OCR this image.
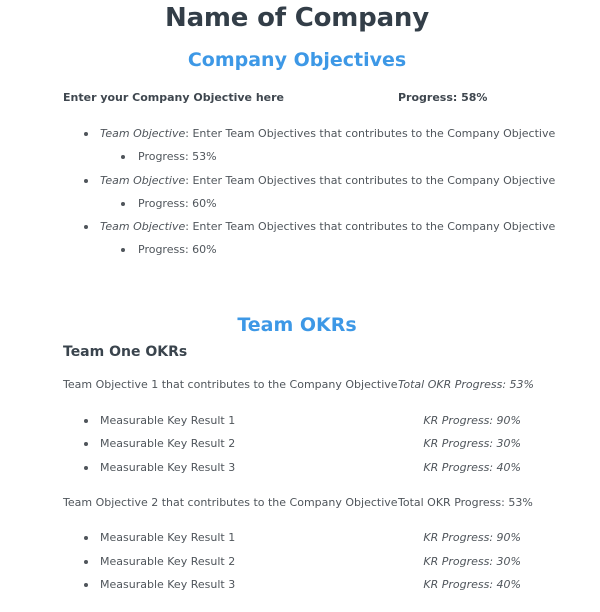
Name of Company
Company Objectives
Enter your Company Objective here	Progress: 58%
Team Objective: Enter Team Objectives that contributes to the Company Objective
Progress: 53%
Team Objective: Enter Team Objectives that contributes to the Company Objective
Progress: 60%
Team Objective: Enter Team Objectives that contributes to the Company Objective
Progress: 60%
Team OKRs
Team One OKRs
Team Objective 1 that contributes to the Company Objective Total OKR Progress: 53%
Measurable Key Result 1	KR Progress: 90%
Measurable Key Result 2	KR Progress: 30%
Measurable Key Result 3	KR Progress: 40%
Team Objective 2 that contributes to the Company Objective Total OKR Progress: 53%
Measurable Key Result 1	KR Progress: 90%
Measurable Key Result 2	KR Progress: 30%
Measurable Key Result 3	KR Progress: 40%
